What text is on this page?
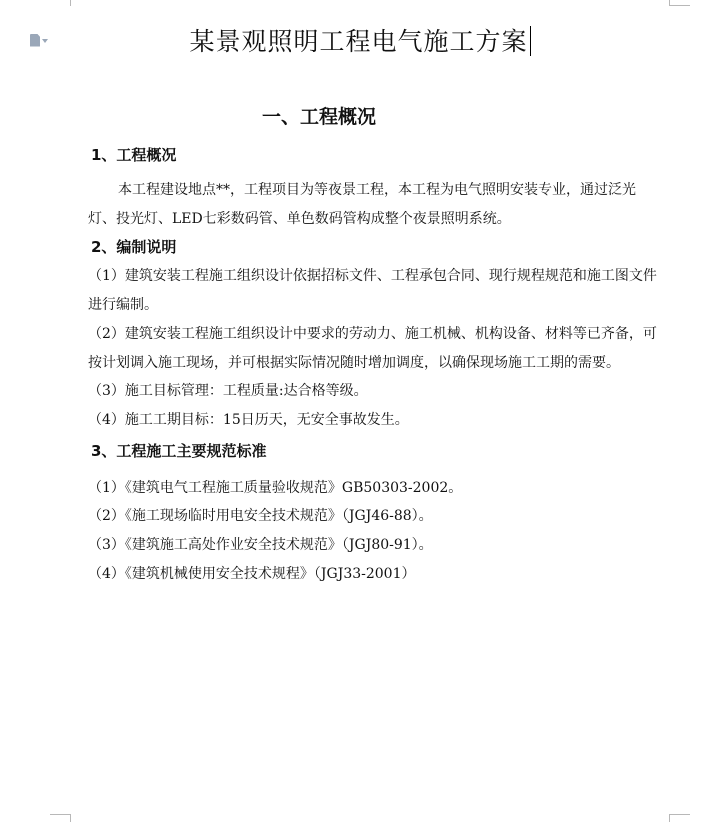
某景观照明工程电气施工方案
一、工程概况
1、工程概况
本工程建设地点**，工程项目为等夜景工程，本工程为电气照明安装专业，通过泛光灯、投光灯、LED七彩数码管、单色数码管构成整个夜景照明系统。
2、编制说明
（1）建筑安装工程施工组织设计依据招标文件、工程承包合同、现行规程规范和施工图文件进行编制。
（2）建筑安装工程施工组织设计中要求的劳动力、施工机械、机构设备、材料等已齐备，可按计划调入施工现场，并可根据实际情况随时增加调度，以确保现场施工工期的需要。
（3）施工目标管理：工程质量:达合格等级。
（4）施工工期目标：15日历天，无安全事故发生。
3、工程施工主要规范标准
（1）《建筑电气工程施工质量验收规范》GB50303-2002。
（2）《施工现场临时用电安全技术规范》（JGJ46-88）。
（3）《建筑施工高处作业安全技术规范》（JGJ80-91）。
（4）《建筑机械使用安全技术规程》（JGJ33-2001）
